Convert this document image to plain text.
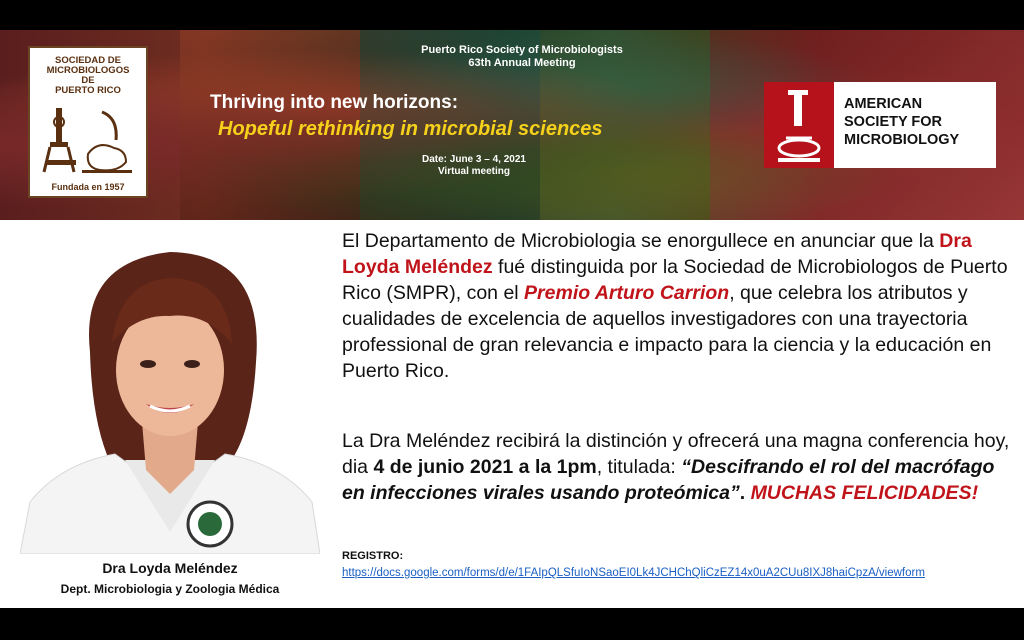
SOCIEDAD DE
MICROBIOLOGOS
DE
PUERTO RICO
Fundada en 1957
Puerto Rico Society of Microbiologists
63th Annual Meeting
Thriving into new horizons:
Hopeful rethinking in microbial sciences
Date: June 3 – 4, 2021
Virtual meeting
AMERICAN
SOCIETY FOR
MICROBIOLOGY
Dra Loyda Meléndez
Dept. Microbiologia y Zoologia Médica
El Departamento de Microbiologia se enorgullece en anunciar que la Dra Loyda Meléndez fué distinguida por la Sociedad de Microbiologos de Puerto Rico (SMPR), con el Premio Arturo Carrion, que celebra los atributos y cualidades de excelencia de aquellos investigadores con una trayectoria professional de gran relevancia e impacto para la ciencia y la educación en Puerto Rico.
La Dra Meléndez recibirá la distinción y ofrecerá una magna conferencia hoy, dia 4 de junio 2021 a la 1pm, titulada: “Descifrando el rol del macrófago en infecciones virales usando proteómica”. MUCHAS FELICIDADES!
REGISTRO:
https://docs.google.com/forms/d/e/1FAIpQLSfuIoNSaoEI0Lk4JCHChQliCzEZ14x0uA2CUu8IXJ8haiCpzA/viewform
